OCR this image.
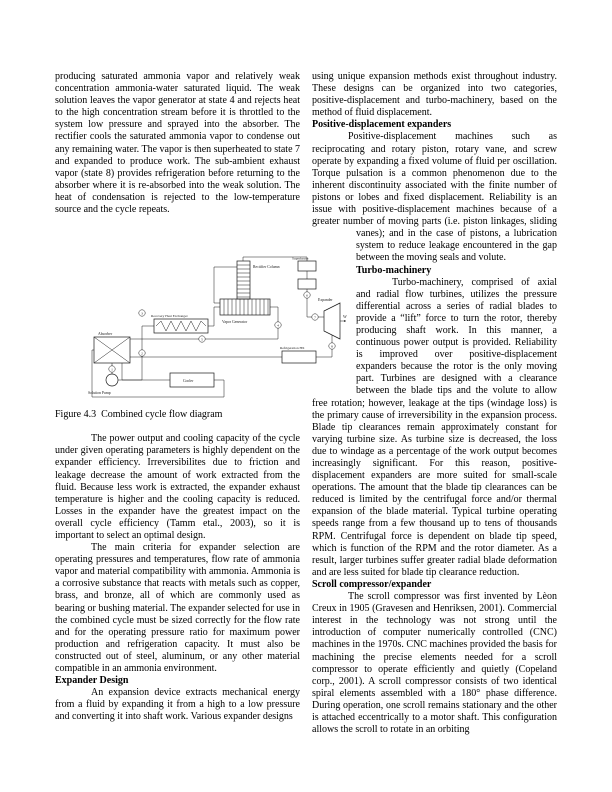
producing saturated ammonia vapor and relatively weak concentration ammonia-water saturated liquid. The weak solution leaves the vapor generator at state 4 and rejects heat to the high concentration stream before it is throttled to the system low pressure and sprayed into the absorber. The rectifier cools the saturated ammonia vapor to condense out any remaining water. The vapor is then superheated to state 7 and expanded to produce work. The sub-ambient exhaust vapor (state 8) provides refrigeration before returning to the absorber where it is re-absorbed into the weak solution. The heat of condensation is rejected to the low-temperature source and the cycle repeats.

Rectifier Column
Superheater
Vapor Generator
Recovery Heat Exchanger
Absorber
Solution Pump
Cooler
Refrigeration HX
Expander
W
1
2
3
4
5
6
7
8

Figure 4.3  Combined cycle flow diagram

The power output and cooling capacity of the cycle under given operating parameters is highly dependent on the expander efficiency. Irreversibilites due to friction and leakage decrease the amount of work extracted from the fluid. Because less work is extracted, the expander exhaust temperature is higher and the cooling capacity is reduced. Losses in the expander have the greatest impact on the overall cycle efficiency (Tamm etal., 2003), so it is important to select an optimal design.

The main criteria for expander selection are operating pressures and temperatures, flow rate of ammonia vapor and material compatibility with ammonia. Ammonia is a corrosive substance that reacts with metals such as copper, brass, and bronze, all of which are commonly used as bearing or bushing material. The expander selected for use in the combined cycle must be sized correctly for the flow rate and for the operating pressure ratio for maximum power production and refrigeration capacity. It must also be constructed out of steel, aluminum, or any other material compatible in an ammonia environment.

Expander Design

An expansion device extracts mechanical energy from a fluid by expanding it from a high to a low pressure and converting it into shaft work. Various expander designs

using unique expansion methods exist throughout industry. These designs can be organized into two categories, positive-displacement and turbo-machinery, based on the method of fluid displacement.

Positive-displacement expanders

Positive-displacement machines such as reciprocating and rotary piston, rotary vane, and screw operate by expanding a fixed volume of fluid per oscillation. Torque pulsation is a common phenomenon due to the inherent discontinuity associated with the finite number of pistons or lobes and fixed displacement. Reliability is an issue with positive-displacement machines because of a greater number of moving parts (i.e. piston linkages, sliding

vanes); and in the case of pistons, a lubrication system to reduce leakage encountered in the gap between the moving seals and volute.

Turbo-machinery

Turbo-machinery, comprised of axial and radial flow turbines, utilizes the pressure differential across a series of radial blades to provide a “lift” force to turn the rotor, thereby producing shaft work. In this manner, a continuous power output is provided. Reliability is improved over positive-displacement expanders because the rotor is the only moving part. Turbines are designed with a clearance between the blade tips and the volute to allow free rotation; however, leakage at the tips (windage loss) is the primary cause of irreversibility in the expansion process. Blade tip clearances remain approximately constant for varying turbine size. As turbine size is decreased, the loss due to windage as a percentage of the work output becomes increasingly significant. For this reason, positive-displacement expanders are more suited for small-scale operations. The amount that the blade tip clearances can be reduced is limited by the centrifugal force and/or thermal expansion of the blade material. Typical turbine operating speeds range from a few thousand up to tens of thousands RPM. Centrifugal force is dependent on blade tip speed, which is function of the RPM and the rotor diameter. As a result, larger turbines suffer greater radial blade deformation and are less suited for blade tip clearance reduction.

Scroll compressor/expander

The scroll compressor was first invented by Lèon Creux in 1905 (Gravesen and Henriksen, 2001). Commercial interest in the technology was not strong until the introduction of computer numerically controlled (CNC) machines in the 1970s. CNC machines provided the basis for machining the precise elements needed for a scroll compressor to operate efficiently and quietly (Copeland corp., 2001). A scroll compressor consists of two identical spiral elements assembled with a 180° phase difference. During operation, one scroll remains stationary and the other is attached eccentrically to a motor shaft. This configuration allows the scroll to rotate in an orbiting
